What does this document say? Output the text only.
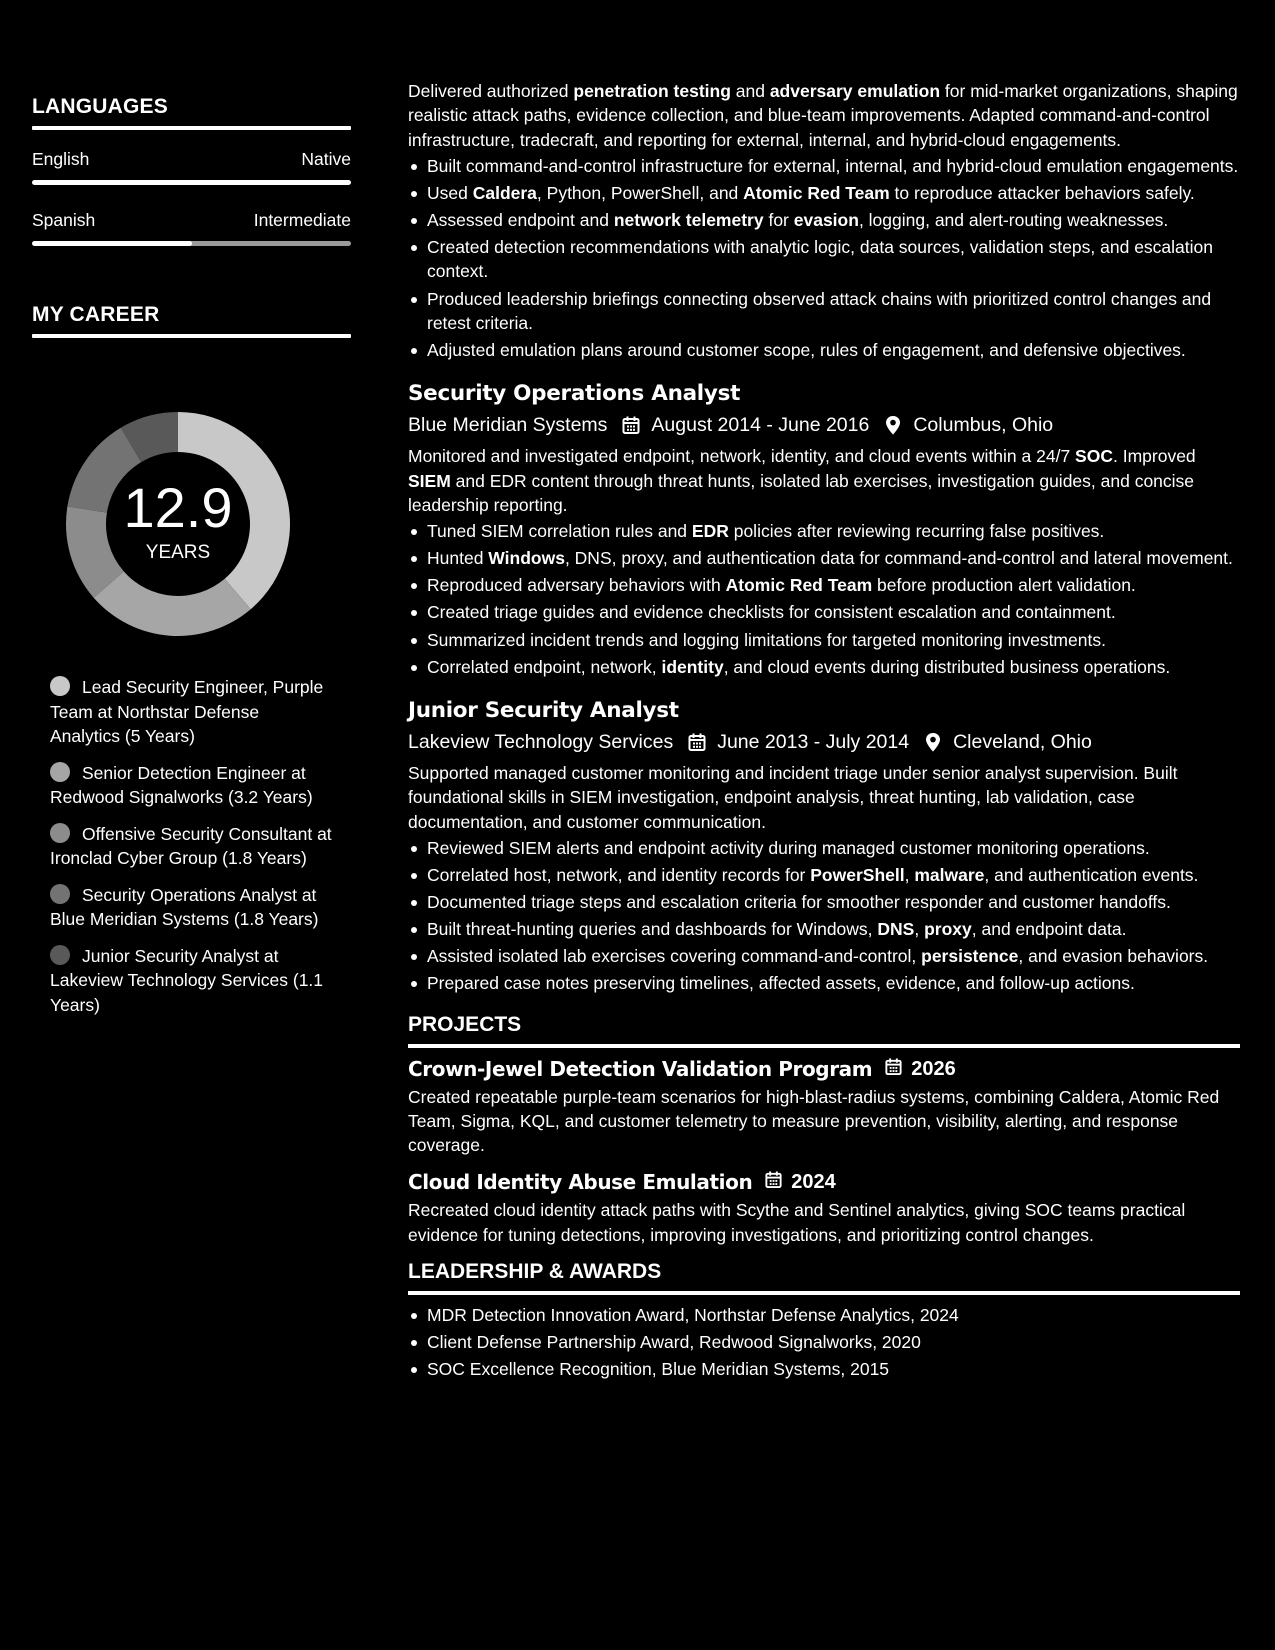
LANGUAGES
English	Native
Spanish	Intermediate
MY CAREER
12.9
YEARS
Lead Security Engineer, Purple Team at Northstar Defense Analytics (5 Years)
Senior Detection Engineer at Redwood Signalworks (3.2 Years)
Offensive Security Consultant at Ironclad Cyber Group (1.8 Years)
Security Operations Analyst at Blue Meridian Systems (1.8 Years)
Junior Security Analyst at Lakeview Technology Services (1.1 Years)

Delivered authorized penetration testing and adversary emulation for mid-market organizations, shaping realistic attack paths, evidence collection, and blue-team improvements. Adapted command-and-control infrastructure, tradecraft, and reporting for external, internal, and hybrid-cloud engagements.

Built command-and-control infrastructure for external, internal, and hybrid-cloud emulation engagements.
Used Caldera, Python, PowerShell, and Atomic Red Team to reproduce attacker behaviors safely.
Assessed endpoint and network telemetry for evasion, logging, and alert-routing weaknesses.
Created detection recommendations with analytic logic, data sources, validation steps, and escalation context.
Produced leadership briefings connecting observed attack chains with prioritized control changes and retest criteria.
Adjusted emulation plans around customer scope, rules of engagement, and defensive objectives.
Security Operations Analyst
Blue Meridian Systems August 2014 - June 2016 Columbus, Ohio

Monitored and investigated endpoint, network, identity, and cloud events within a 24/7 SOC. Improved SIEM and EDR content through threat hunts, isolated lab exercises, investigation guides, and concise leadership reporting.

Tuned SIEM correlation rules and EDR policies after reviewing recurring false positives.
Hunted Windows, DNS, proxy, and authentication data for command-and-control and lateral movement.
Reproduced adversary behaviors with Atomic Red Team before production alert validation.
Created triage guides and evidence checklists for consistent escalation and containment.
Summarized incident trends and logging limitations for targeted monitoring investments.
Correlated endpoint, network, identity, and cloud events during distributed business operations.
Junior Security Analyst
Lakeview Technology Services June 2013 - July 2014 Cleveland, Ohio

Supported managed customer monitoring and incident triage under senior analyst supervision. Built foundational skills in SIEM investigation, endpoint analysis, threat hunting, lab validation, case documentation, and customer communication.

Reviewed SIEM alerts and endpoint activity during managed customer monitoring operations.
Correlated host, network, and identity records for PowerShell, malware, and authentication events.
Documented triage steps and escalation criteria for smoother responder and customer handoffs.
Built threat-hunting queries and dashboards for Windows, DNS, proxy, and endpoint data.
Assisted isolated lab exercises covering command-and-control, persistence, and evasion behaviors.
Prepared case notes preserving timelines, affected assets, evidence, and follow-up actions.
PROJECTS
Crown-Jewel Detection Validation Program 2026

Created repeatable purple-team scenarios for high-blast-radius systems, combining Caldera, Atomic Red Team, Sigma, KQL, and customer telemetry to measure prevention, visibility, alerting, and response coverage.

Cloud Identity Abuse Emulation 2024

Recreated cloud identity attack paths with Scythe and Sentinel analytics, giving SOC teams practical evidence for tuning detections, improving investigations, and prioritizing control changes.

LEADERSHIP & AWARDS
MDR Detection Innovation Award, Northstar Defense Analytics, 2024
Client Defense Partnership Award, Redwood Signalworks, 2020
SOC Excellence Recognition, Blue Meridian Systems, 2015
